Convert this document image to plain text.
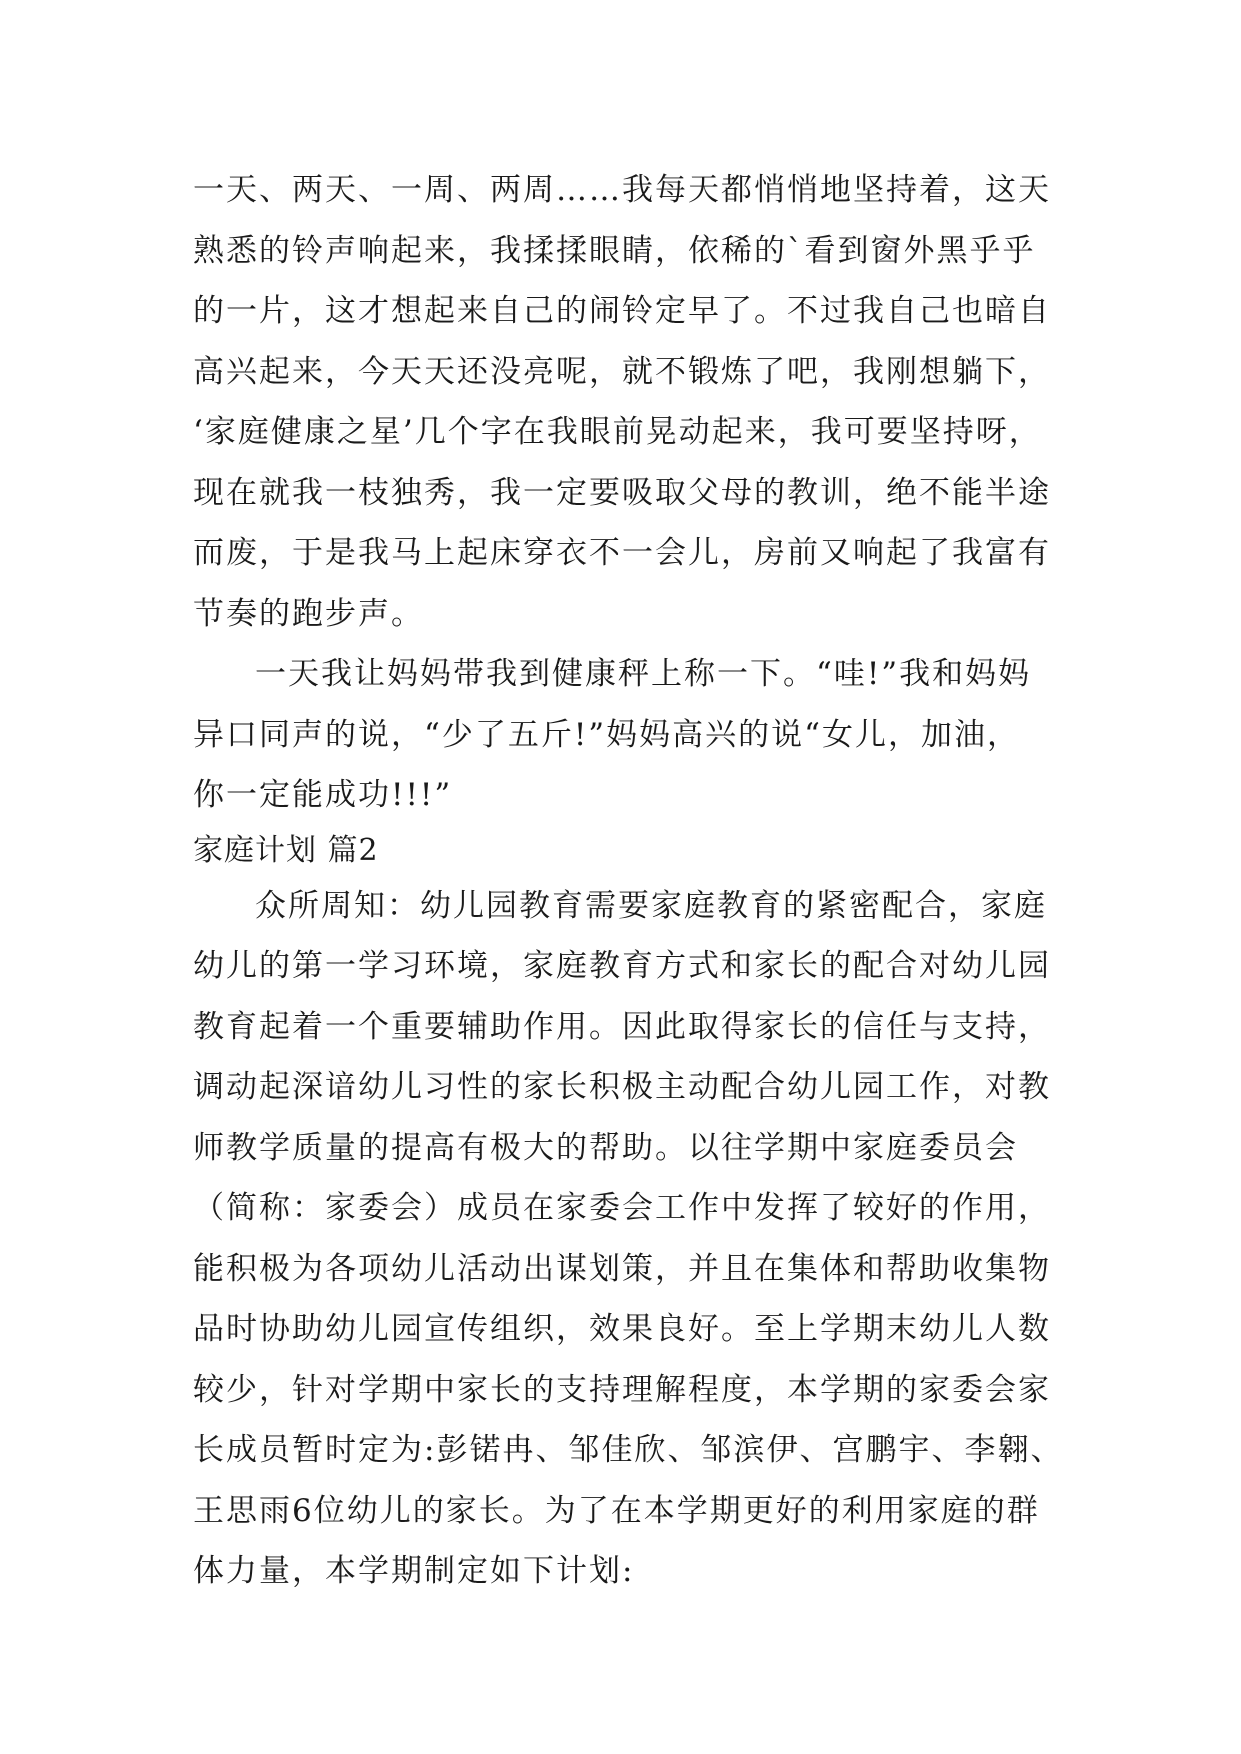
一天、两天、一周、两周……我每天都悄悄地坚持着，这天
熟悉的铃声响起来，我揉揉眼睛，依稀的`看到窗外黑乎乎
的一片，这才想起来自己的闹铃定早了。不过我自己也暗自
高兴起来，今天天还没亮呢，就不锻炼了吧，我刚想躺下，
‘家庭健康之星’几个字在我眼前晃动起来，我可要坚持呀，
现在就我一枝独秀，我一定要吸取父母的教训，绝不能半途
而废，于是我马上起床穿衣不一会儿，房前又响起了我富有
节奏的跑步声。
一天我让妈妈带我到健康秤上称一下。“哇!”我和妈妈
异口同声的说，“少了五斤!”妈妈高兴的说“女儿，加油，
你一定能成功!!!”
家庭计划 篇2
众所周知：幼儿园教育需要家庭教育的紧密配合，家庭
幼儿的第一学习环境，家庭教育方式和家长的配合对幼儿园
教育起着一个重要辅助作用。因此取得家长的信任与支持，
调动起深谙幼儿习性的家长积极主动配合幼儿园工作，对教
师教学质量的提高有极大的帮助。以往学期中家庭委员会
（简称：家委会）成员在家委会工作中发挥了较好的作用，
能积极为各项幼儿活动出谋划策，并且在集体和帮助收集物
品时协助幼儿园宣传组织，效果良好。至上学期末幼儿人数
较少，针对学期中家长的支持理解程度，本学期的家委会家
长成员暂时定为:彭锘冉、邹佳欣、邹滨伊、宫鹏宇、李翱、
王思雨6位幼儿的家长。为了在本学期更好的利用家庭的群
体力量，本学期制定如下计划:
